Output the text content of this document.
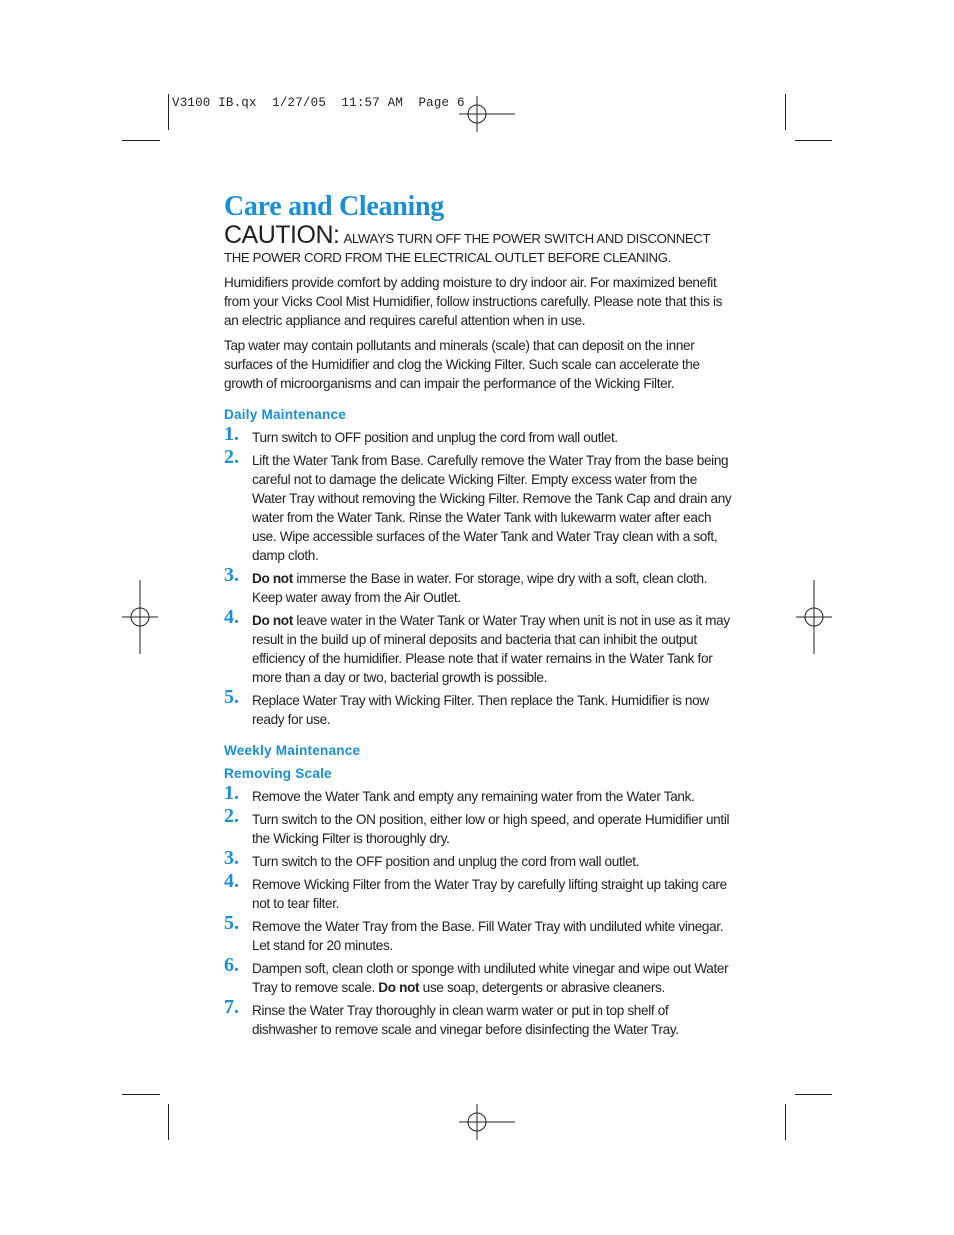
V3100 IB.qx  1/27/05  11:57 AM  Page 6
Care and Cleaning
CAUTION: ALWAYS TURN OFF THE POWER SWITCH AND DISCONNECT THE POWER CORD FROM THE ELECTRICAL OUTLET BEFORE CLEANING.

Humidifiers provide comfort by adding moisture to dry indoor air. For maximized benefit from your Vicks Cool Mist Humidifier, follow instructions carefully. Please note that this is an electric appliance and requires careful attention when in use.

Tap water may contain pollutants and minerals (scale) that can deposit on the inner surfaces of the Humidifier and clog the Wicking Filter. Such scale can accelerate the growth of microorganisms and can impair the performance of the Wicking Filter.

Daily Maintenance
1. Turn switch to OFF position and unplug the cord from wall outlet.
2. Lift the Water Tank from Base. Carefully remove the Water Tray from the base being careful not to damage the delicate Wicking Filter. Empty excess water from the Water Tray without removing the Wicking Filter. Remove the Tank Cap and drain any water from the Water Tank. Rinse the Water Tank with lukewarm water after each use. Wipe accessible surfaces of the Water Tank and Water Tray clean with a soft, damp cloth.
3. Do not immerse the Base in water. For storage, wipe dry with a soft, clean cloth. Keep water away from the Air Outlet.
4. Do not leave water in the Water Tank or Water Tray when unit is not in use as it may result in the build up of mineral deposits and bacteria that can inhibit the output efficiency of the humidifier. Please note that if water remains in the Water Tank for more than a day or two, bacterial growth is possible.
5. Replace Water Tray with Wicking Filter. Then replace the Tank. Humidifier is now ready for use.
Weekly Maintenance
Removing Scale
1. Remove the Water Tank and empty any remaining water from the Water Tank.
2. Turn switch to the ON position, either low or high speed, and operate Humidifier until the Wicking Filter is thoroughly dry.
3. Turn switch to the OFF position and unplug the cord from wall outlet.
4. Remove Wicking Filter from the Water Tray by carefully lifting straight up taking care not to tear filter.
5. Remove the Water Tray from the Base. Fill Water Tray with undiluted white vinegar. Let stand for 20 minutes.
6. Dampen soft, clean cloth or sponge with undiluted white vinegar and wipe out Water Tray to remove scale. Do not use soap, detergents or abrasive cleaners.
7. Rinse the Water Tray thoroughly in clean warm water or put in top shelf of dishwasher to remove scale and vinegar before disinfecting the Water Tray.
